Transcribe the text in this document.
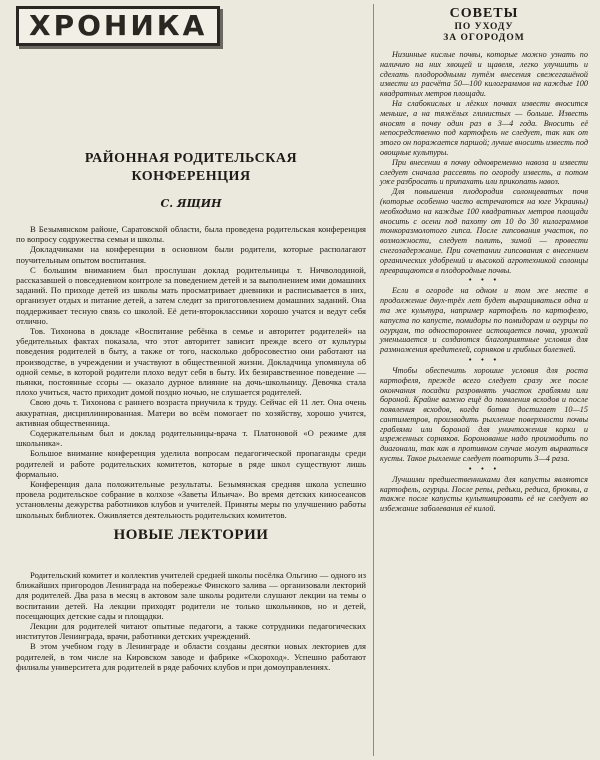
ХРОНИКА
РАЙОННАЯ РОДИТЕЛЬСКАЯ
КОНФЕРЕНЦИЯ
С. ЯЩИН

В Безымянском районе, Саратовской области, была проведена родительская конференция по вопросу содружества семьи и школы.

Докладчиками на конференции в основном были родители, которые располагают поучительным опытом воспитания.

С большим вниманием был прослушан доклад родительницы т. Ничволодиной, рассказавшей о повседневном контроле за поведением детей и за выполнением ими домашних заданий. По приходе детей из школы мать просматривает дневники и расписывается в них, организует отдых и питание детей, а затем следит за приготовлением домашних заданий. Она поддерживает тесную связь со школой. Её дети-второклассники хорошо учатся и ведут себя отлично.

Тов. Тихонова в докладе «Воспитание ребёнка в семье и авторитет родителей» на убедительных фактах показала, что этот авторитет зависит прежде всего от культуры поведения родителей в быту, а также от того, насколько добросовестно они работают на производстве, в учреждении и участвуют в общественной жизни. Докладчица упомянула об одной семье, в которой родители плохо ведут себя в быту. Их безнравственное поведение — пьянки, постоянные ссоры — оказало дурное влияние на дочь-школьницу. Девочка стала плохо учиться, часто приходит домой поздно ночью, не слушается родителей.

Свою дочь т. Тихонова с раннего возраста приучила к труду. Сейчас ей 11 лет. Она очень аккуратная, дисциплинированная. Матери во всём помогает по хозяйству, хорошо учится, активная общественница.

Содержательным был и доклад родительницы-врача т. Платоновой «О режиме для школьника».

Большое внимание конференция уделила вопросам педагогической пропаганды среди родителей и работе родительских комитетов, которые в ряде школ существуют лишь формально.

Конференция дала положительные результаты. Безымянская средняя школа успешно провела родительское собрание в колхозе «Заветы Ильича». Во время детских киносеансов установлены дежурства работников клубов и учителей. Приняты меры по улучшению работы школьных библиотек. Оживляется деятельность родительских комитетов.

НОВЫЕ ЛЕКТОРИИ

Родительский комитет и коллектив учителей средней школы посёлка Ольгино — одного из ближайших пригородов Ленинграда на побережье Финского залива — организовали лекторий для родителей. Два раза в месяц в актовом зале школы родители слушают лекции на темы о воспитании детей. На лекции приходят родители не только школьников, но и детей, посещающих детские сады и площадки.

Лекции для родителей читают опытные педагоги, а также сотрудники педагогических институтов Ленинграда, врачи, работники детских учреждений.

В этом учебном году в Ленинграде и области созданы десятки новых лекториев для родителей, в том числе на Кировском заводе и фабрике «Скороход». Успешно работают филиалы университета для родителей в ряде рабочих клубов и при домоуправлениях.

СОВЕТЫ
ПО УХОДУ
ЗА ОГОРОДОМ

Низинные кислые почвы, которые можно узнать по наличию на них хвощей и щавеля, легко улучшить и сделать плодородными путём внесения свежегашёной извести из расчёта 50—100 килограммов на каждые 100 квадратных метров площади.

На слабокислых и лёгких почвах извести вносится меньше, а на тяжёлых глинистых — больше. Известь вносят в почву один раз в 3—4 года. Вносить её непосредственно под картофель не следует, так как от этого он поражается паршой; лучше вносить известь под овощные культуры.

При внесении в почву одновременно навоза и извести следует сначала рассеять по огороду известь, а потом уже разбросать и припахать или прикопать навоз.

Для повышения плодородия солонцеватых почв (которые особенно часто встречаются на юге Украины) необходимо на каждые 100 квадратных метров площади вносить с осени под пахоту от 10 до 30 килограммов тонкоразмолотого гипса. После гипсования участок, по возможности, следует полить, зимой — провести снегозадержание. При сочетании гипсования с внесением органических удобрений и высокой агротехникой солонцы превращаются в плодородные почвы.

• • •

Если в огороде на одном и том же месте в продолжение двух-трёх лет будет выращиваться одна и та же культура, например картофель по картофелю, капуста по капусте, помидоры по помидорам и огурцы по огурцам, то одностороннее истощается почва, урожай уменьшается и создаются благоприятные условия для размножения вредителей, сорняков и грибных болезней.

• • •

Чтобы обеспечить хорошие условия для роста картофеля, прежде всего следует сразу же после окончания посадки разровнять участок граблями или бороной. Крайне важно ещё до появления всходов и после появления всходов, когда ботва достигает 10—15 сантиметров, производить рыхление поверхности почвы граблями или бороной для уничтожения корки и изреженных сорняков. Боронование надо производить по диагонали, так как в противном случае могут вырваться кусты. Такое рыхление следует повторить 3—4 раза.

• • •

Лучшими предшественниками для капусты являются картофель, огурцы. После репы, редьки, редиса, брюквы, а также после капусты культивировать её не следует во избежание заболевания её килой.
